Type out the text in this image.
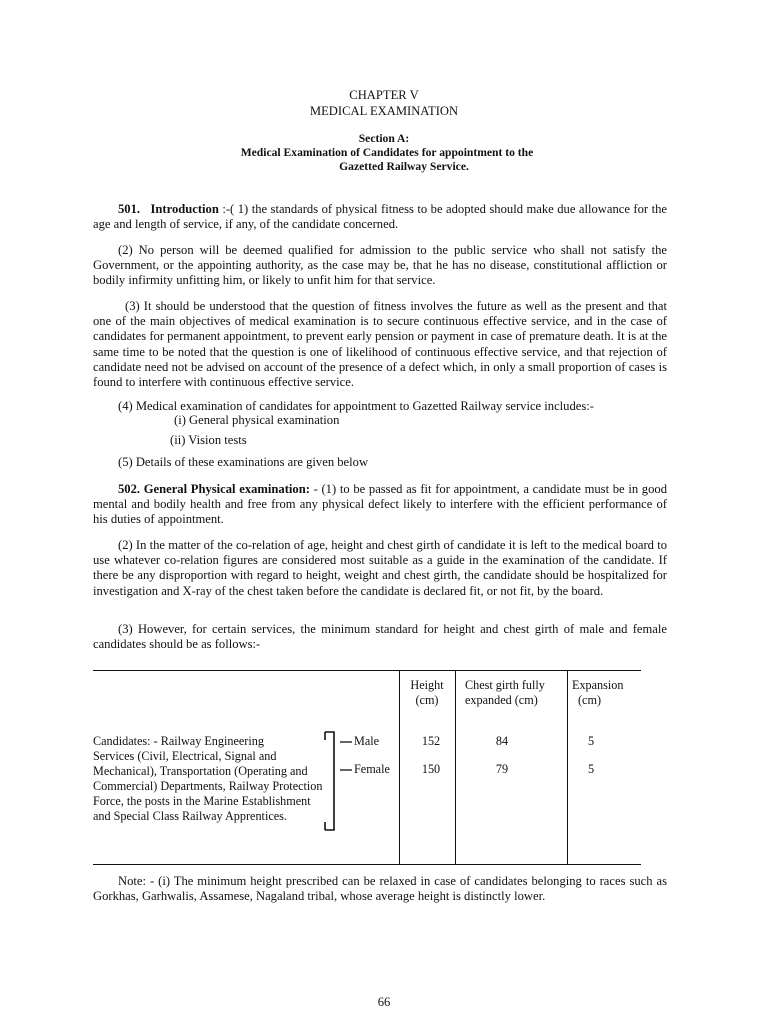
CHAPTER V
MEDICAL EXAMINATION
Section A:
Medical Examination of Candidates for appointment to the
Gazetted Railway Service.
501. Introduction :-( 1) the standards of physical fitness to be adopted should make due allowance for the age and length of service, if any, of the candidate concerned.
(2) No person will be deemed qualified for admission to the public service who shall not satisfy the Government, or the appointing authority, as the case may be, that he has no disease, constitutional affliction or bodily infirmity unfitting him, or likely to unfit him for that service.
(3) It should be understood that the question of fitness involves the future as well as the present and that one of the main objectives of medical examination is to secure continuous effective service, and in the case of candidates for permanent appointment, to prevent early pension or payment in case of premature death. It is at the same time to be noted that the question is one of likelihood of continuous effective service, and that rejection of candidate need not be advised on account of the presence of a defect which, in only a small proportion of cases is found to interfere with continuous effective service.
(4) Medical examination of candidates for appointment to Gazetted Railway service includes:-
(i) General physical examination
(ii) Vision tests
(5) Details of these examinations are given below
502. General Physical examination: - (1) to be passed as fit for appointment, a candidate must be in good mental and bodily health and free from any physical defect likely to interfere with the efficient performance of his duties of appointment.
(2) In the matter of the co-relation of age, height and chest girth of candidate it is left to the medical board to use whatever co-relation figures are considered most suitable as a guide in the examination of the candidate. If there be any disproportion with regard to height, weight and chest girth, the candidate should be hospitalized for investigation and X-ray of the chest taken before the candidate is declared fit, or not fit, by the board.
(3) However, for certain services, the minimum standard for height and chest girth of male and female candidates should be as follows:-
Height
(cm)
Chest girth fully
expanded (cm)
Expansion
(cm)
Candidates: - Railway Engineering
Services (Civil, Electrical, Signal and
Mechanical), Transportation (Operating and
Commercial) Departments, Railway Protection
Force, the posts in the Marine Establishment
and Special Class Railway Apprentices.
Male
Female
152
150
84
79
5
5
Note: - (i) The minimum height prescribed can be relaxed in case of candidates belonging to races such as Gorkhas, Garhwalis, Assamese, Nagaland tribal, whose average height is distinctly lower.
66
